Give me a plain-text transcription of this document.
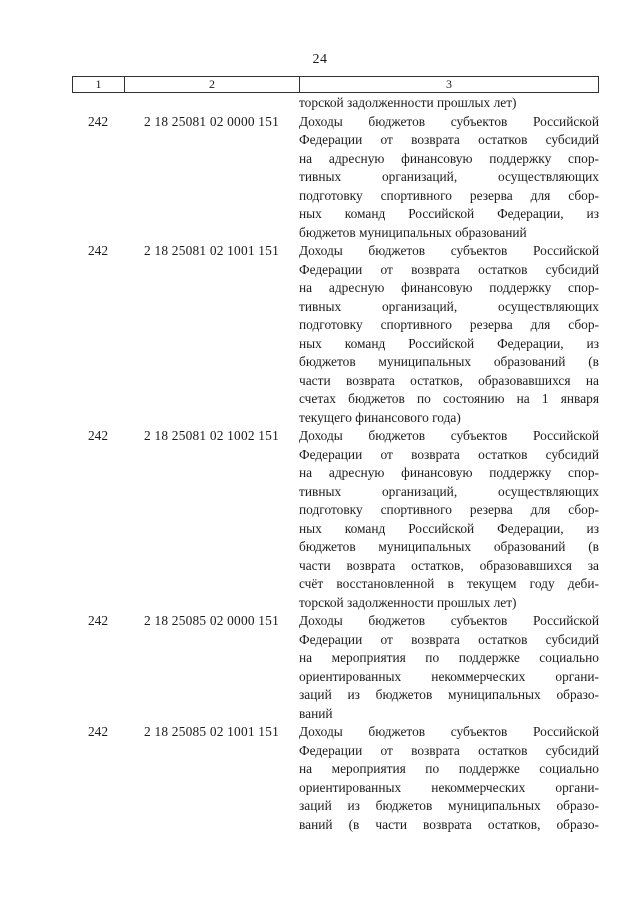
24
1	2	3
торской задолженности прошлых лет)
242	2 18 25081 02 0000 151	Доходы бюджетов субъектов Российской
Федерации от возврата остатков субсидий
на адресную финансовую поддержку спор-
тивных организаций, осуществляющих
подготовку спортивного резерва для сбор-
ных команд Российской Федерации, из
бюджетов муниципальных образований
242	2 18 25081 02 1001 151	Доходы бюджетов субъектов Российской
Федерации от возврата остатков субсидий
на адресную финансовую поддержку спор-
тивных организаций, осуществляющих
подготовку спортивного резерва для сбор-
ных команд Российской Федерации, из
бюджетов муниципальных образований (в
части возврата остатков, образовавшихся на
счетах бюджетов по состоянию на 1 января
текущего финансового года)
242	2 18 25081 02 1002 151	Доходы бюджетов субъектов Российской
Федерации от возврата остатков субсидий
на адресную финансовую поддержку спор-
тивных организаций, осуществляющих
подготовку спортивного резерва для сбор-
ных команд Российской Федерации, из
бюджетов муниципальных образований (в
части возврата остатков, образовавшихся за
счёт восстановленной в текущем году деби-
торской задолженности прошлых лет)
242	2 18 25085 02 0000 151	Доходы бюджетов субъектов Российской
Федерации от возврата остатков субсидий
на мероприятия по поддержке социально
ориентированных некоммерческих органи-
заций из бюджетов муниципальных образо-
ваний
242	2 18 25085 02 1001 151	Доходы бюджетов субъектов Российской
Федерации от возврата остатков субсидий
на мероприятия по поддержке социально
ориентированных некоммерческих органи-
заций из бюджетов муниципальных образо-
ваний (в части возврата остатков, образо-
